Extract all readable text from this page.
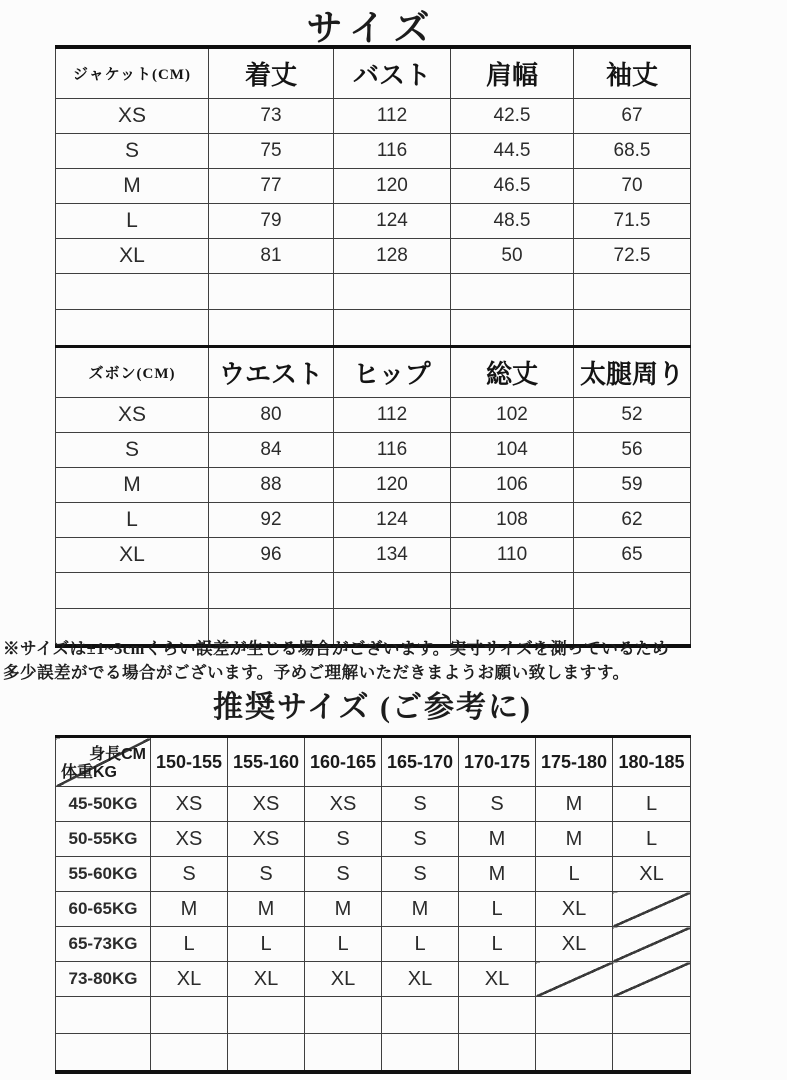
サイズ
ジャケット(CM)	着丈	バスト	肩幅	袖丈
XS	73	112	42.5	67
S	75	116	44.5	68.5
M	77	120	46.5	70
L	79	124	48.5	71.5
XL	81	128	50	72.5

ズボン(CM)	ウエスト	ヒップ	総丈	太腿周り
XS	80	112	102	52
S	84	116	104	56
M	88	120	106	59
L	92	124	108	62
XL	96	134	110	65

※サイズは±1~3cmくらい誤差が生じる場合がございます。実寸サイズを測っているため
多少誤差がでる場合がございます。予めご理解いただきまようお願い致しますす。

推奨サイズ (ご参考に)
身長CM
体重KG	150-155	155-160	160-165	165-170	170-175	175-180	180-185
45-50KG	XS	XS	XS	S	S	M	L
50-55KG	XS	XS	S	S	M	M	L
55-60KG	S	S	S	S	M	L	XL
60-65KG	M	M	M	M	L	XL	
65-73KG	L	L	L	L	L	XL	
73-80KG	XL	XL	XL	XL	XL		
